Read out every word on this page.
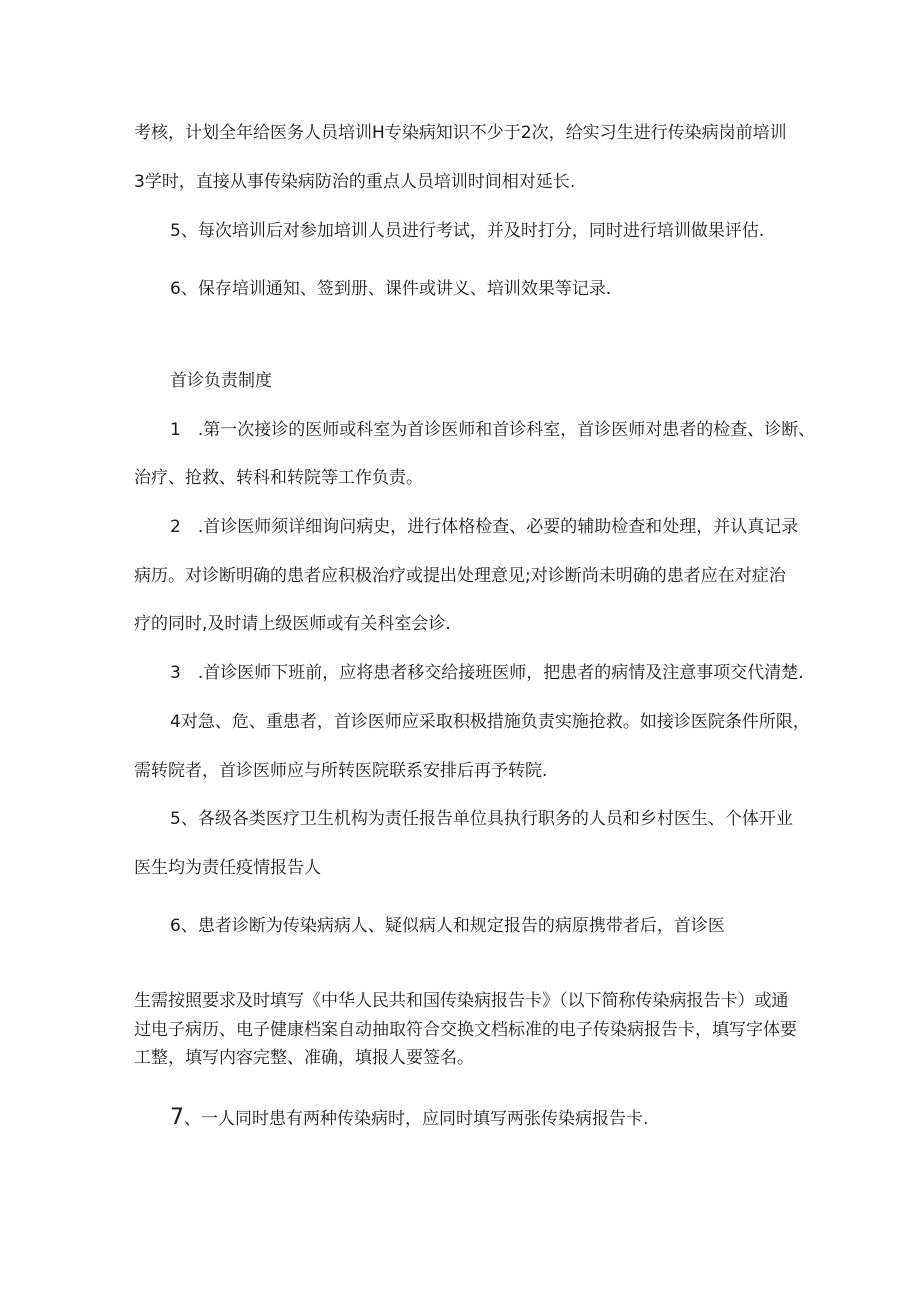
考核，计划全年给医务人员培训H专染病知识不少于2次，给实习生进行传染病岗前培训
3学时，直接从事传染病防治的重点人员培训时间相对延长.
5、每次培训后对参加培训人员进行考试，并及时打分，同时进行培训做果评估.
6、保存培训通知、签到册、课件或讲义、培训效果等记录.
首诊负责制度
1　.第一次接诊的医师或科室为首诊医师和首诊科室，首诊医师对患者的检查、诊断、
治疗、抢救、转科和转院等工作负责。
2　.首诊医师须详细询问病史，进行体格检查、必要的辅助检查和处理，并认真记录
病历。对诊断明确的患者应积极治疗或提出处理意见;对诊断尚未明确的患者应在对症治
疗的同时,及时请上级医师或有关科室会诊.
3　.首诊医师下班前，应将患者移交给接班医师，把患者的病情及注意事项交代清楚.
4对急、危、重患者，首诊医师应采取积极措施负责实施抢救。如接诊医院条件所限，
需转院者，首诊医师应与所转医院联系安排后再予转院.
5、各级各类医疗卫生机构为责任报告单位具执行职务的人员和乡村医生、个体开业
医生均为责任疫情报告人
6、患者诊断为传染病病人、疑似病人和规定报告的病原携带者后，首诊医
生需按照要求及时填写《中华人民共和国传染病报告卡》（以下简称传染病报告卡）或通
过电子病历、电子健康档案自动抽取符合交换文档标准的电子传染病报告卡，填写字体要
工整，填写内容完整、准确，填报人要签名。
7、一人同时患有两种传染病时，应同时填写两张传染病报告卡.
